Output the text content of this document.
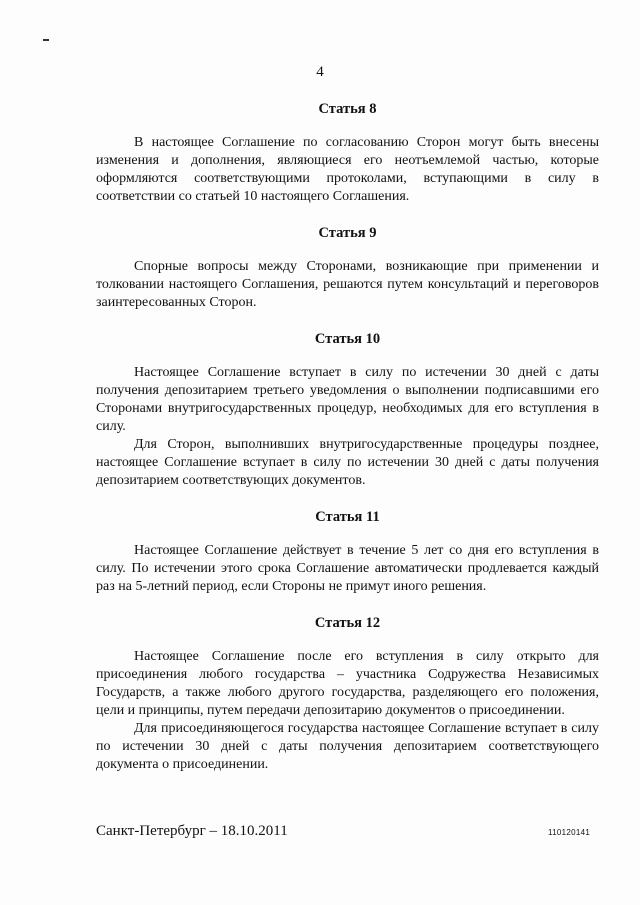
4
Статья 8

В настоящее Соглашение по согласованию Сторон могут быть внесены изменения и дополнения, являющиеся его неотъемлемой частью, которые оформляются соответствующими протоколами, вступающими в силу в соответствии со статьей 10 настоящего Соглашения.

Статья 9

Спорные вопросы между Сторонами, возникающие при применении и толковании настоящего Соглашения, решаются путем консультаций и переговоров заинтересованных Сторон.

Статья 10

Настоящее Соглашение вступает в силу по истечении 30 дней с даты получения депозитарием третьего уведомления о выполнении подписавшими его Сторонами внутригосударственных процедур, необходимых для его вступления в силу.

Для Сторон, выполнивших внутригосударственные процедуры позднее, настоящее Соглашение вступает в силу по истечении 30 дней с даты получения депозитарием соответствующих документов.

Статья 11

Настоящее Соглашение действует в течение 5 лет со дня его вступления в силу. По истечении этого срока Соглашение автоматически продлевается каждый раз на 5-летний период, если Стороны не примут иного решения.

Статья 12

Настоящее Соглашение после его вступления в силу открыто для присоединения любого государства – участника Содружества Независимых Государств, а также любого другого государства, разделяющего его положения, цели и принципы, путем передачи депозитарию документов о присоединении.

Для присоединяющегося государства настоящее Соглашение вступает в силу по истечении 30 дней с даты получения депозитарием соответствующего документа о присоединении.

Санкт-Петербург – 18.10.2011	110120141
